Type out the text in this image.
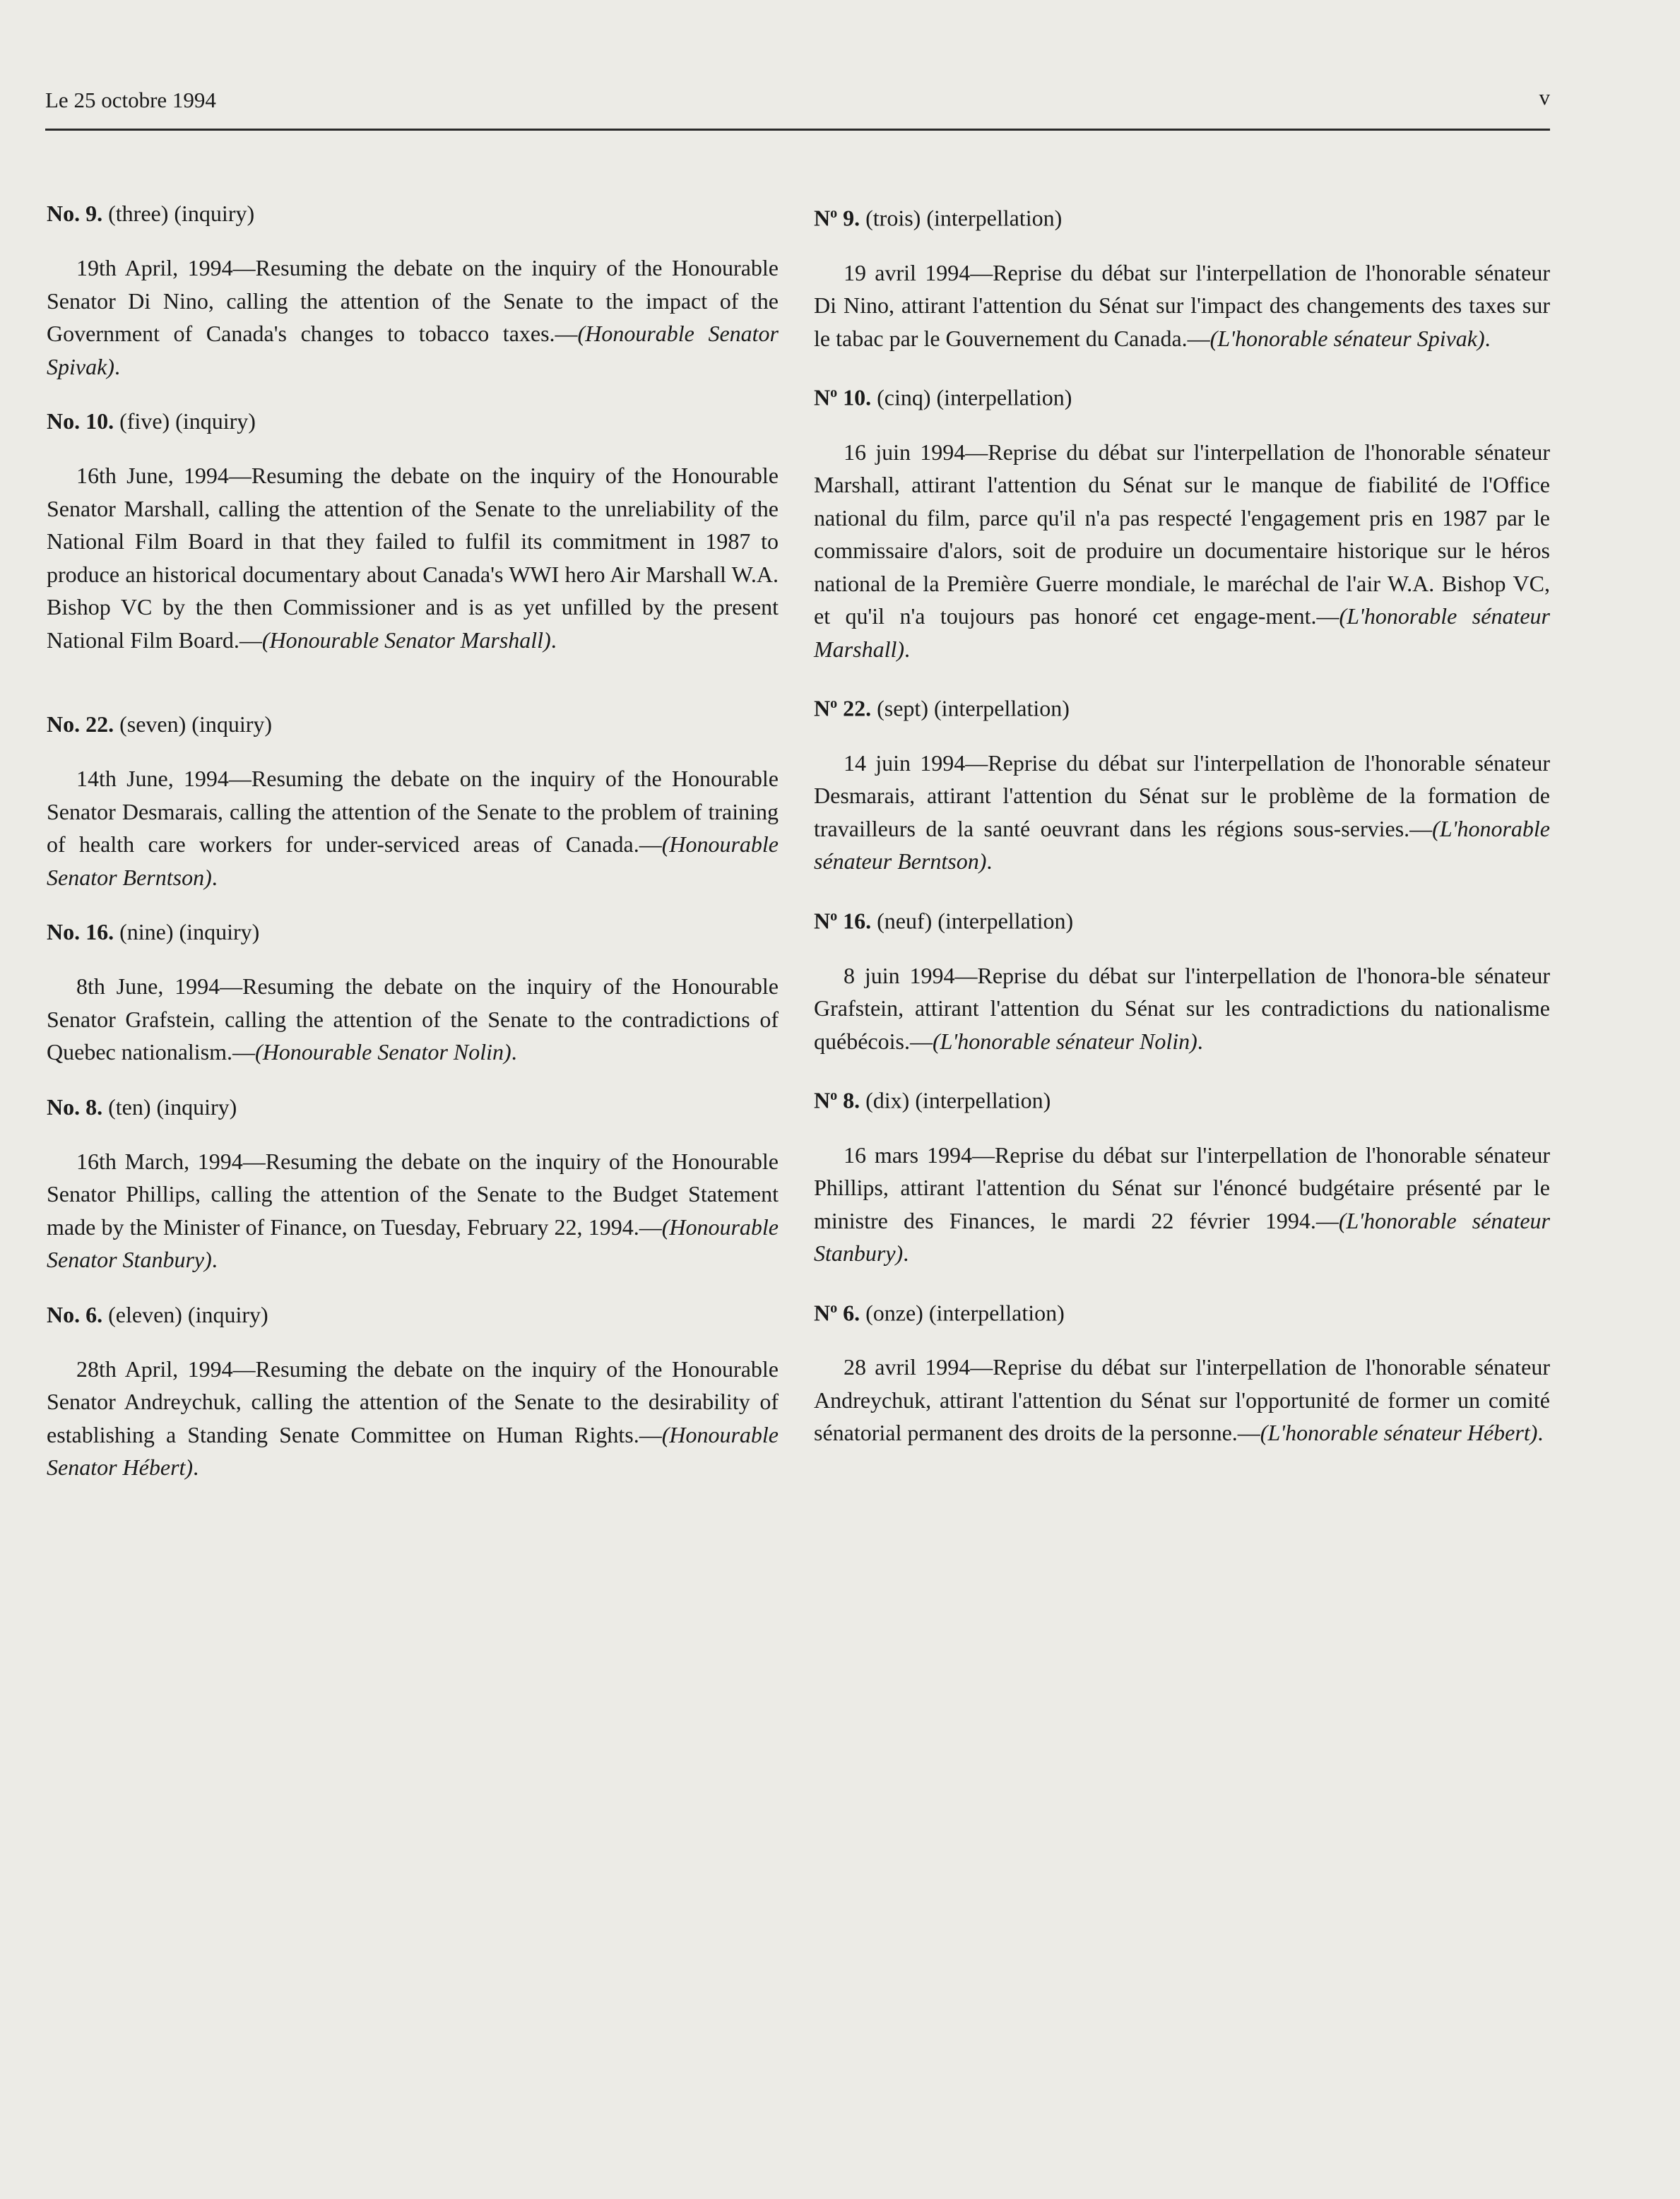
Le 25 octobre 1994	v

No. 9. (three) (inquiry)

19th April, 1994—Resuming the debate on the inquiry of the Honourable Senator Di Nino, calling the attention of the Senate to the impact of the Government of Canada's changes to tobacco taxes.—(Honourable Senator Spivak).

No. 10. (five) (inquiry)

16th June, 1994—Resuming the debate on the inquiry of the Honourable Senator Marshall, calling the attention of the Senate to the unreliability of the National Film Board in that they failed to fulfil its commitment in 1987 to produce an historical documentary about Canada's WWI hero Air Marshall W.A. Bishop VC by the then Commissioner and is as yet unfilled by the present National Film Board.—(Honourable Senator Marshall).

No. 22. (seven) (inquiry)

14th June, 1994—Resuming the debate on the inquiry of the Honourable Senator Desmarais, calling the attention of the Senate to the problem of training of health care workers for under-serviced areas of Canada.—(Honourable Senator Berntson).

No. 16. (nine) (inquiry)

8th June, 1994—Resuming the debate on the inquiry of the Honourable Senator Grafstein, calling the attention of the Senate to the contradictions of Quebec nationalism.—(Honourable Senator Nolin).

No. 8. (ten) (inquiry)

16th March, 1994—Resuming the debate on the inquiry of the Honourable Senator Phillips, calling the attention of the Senate to the Budget Statement made by the Minister of Finance, on Tuesday, February 22, 1994.—(Honourable Senator Stanbury).

No. 6. (eleven) (inquiry)

28th April, 1994—Resuming the debate on the inquiry of the Honourable Senator Andreychuk, calling the attention of the Senate to the desirability of establishing a Standing Senate Committee on Human Rights.—(Honourable Senator Hébert).

$N^o$ 9. (trois) (interpellation)

19 avril 1994—Reprise du débat sur l'interpellation de l'honorable sénateur Di Nino, attirant l'attention du Sénat sur l'impact des changements des taxes sur le tabac par le Gouvernement du Canada.—(L'honorable sénateur Spivak).

$N^o$ 10. (cinq) (interpellation)

16 juin 1994—Reprise du débat sur l'interpellation de l'honorable sénateur Marshall, attirant l'attention du Sénat sur le manque de fiabilité de l'Office national du film, parce qu'il n'a pas respecté l'engagement pris en 1987 par le commissaire d'alors, soit de produire un documentaire historique sur le héros national de la Première Guerre mondiale, le maréchal de l'air W.A. Bishop VC, et qu'il n'a toujours pas honoré cet engage-ment.—(L'honorable sénateur Marshall).

$N^o$ 22. (sept) (interpellation)

14 juin 1994—Reprise du débat sur l'interpellation de l'honorable sénateur Desmarais, attirant l'attention du Sénat sur le problème de la formation de travailleurs de la santé oeuvrant dans les régions sous-servies.—(L'honorable sénateur Berntson).

$N^o$ 16. (neuf) (interpellation)

8 juin 1994—Reprise du débat sur l'interpellation de l'honora-ble sénateur Grafstein, attirant l'attention du Sénat sur les contradictions du nationalisme québécois.—(L'honorable sénateur Nolin).

$N^o$ 8. (dix) (interpellation)

16 mars 1994—Reprise du débat sur l'interpellation de l'honorable sénateur Phillips, attirant l'attention du Sénat sur l'énoncé budgétaire présenté par le ministre des Finances, le mardi 22 février 1994.—(L'honorable sénateur Stanbury).

$N^o$ 6. (onze) (interpellation)

28 avril 1994—Reprise du débat sur l'interpellation de l'honorable sénateur Andreychuk, attirant l'attention du Sénat sur l'opportunité de former un comité sénatorial permanent des droits de la personne.—(L'honorable sénateur Hébert).
